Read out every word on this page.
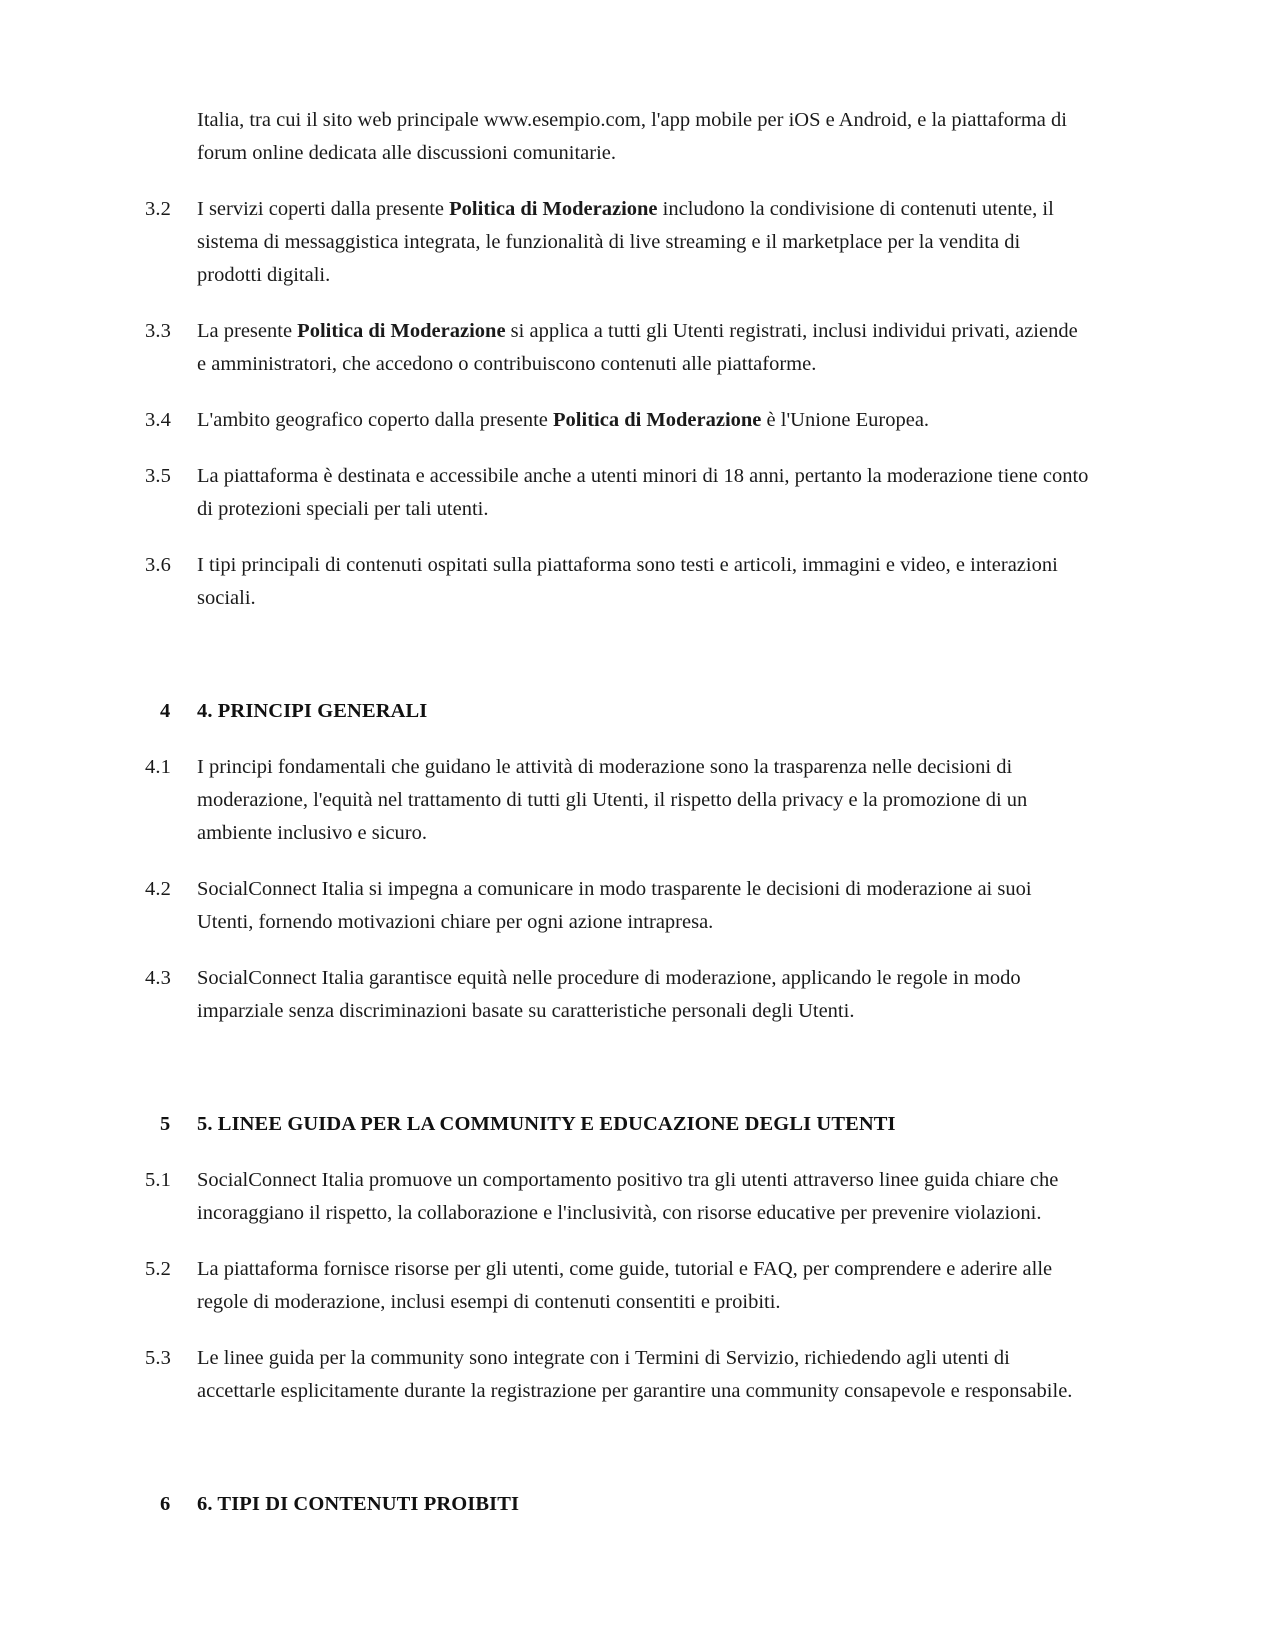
Italia, tra cui il sito web principale www.esempio.com, l'app mobile per iOS e Android, e la piattaforma di forum online dedicata alle discussioni comunitarie.
3.2	I servizi coperti dalla presente Politica di Moderazione includono la condivisione di contenuti utente, il sistema di messaggistica integrata, le funzionalità di live streaming e il marketplace per la vendita di prodotti digitali.
3.3	La presente Politica di Moderazione si applica a tutti gli Utenti registrati, inclusi individui privati, aziende e amministratori, che accedono o contribuiscono contenuti alle piattaforme.
3.4	L'ambito geografico coperto dalla presente Politica di Moderazione è l'Unione Europea.
3.5	La piattaforma è destinata e accessibile anche a utenti minori di 18 anni, pertanto la moderazione tiene conto di protezioni speciali per tali utenti.
3.6	I tipi principali di contenuti ospitati sulla piattaforma sono testi e articoli, immagini e video, e interazioni sociali.
4	4. PRINCIPI GENERALI
4.1	I principi fondamentali che guidano le attività di moderazione sono la trasparenza nelle decisioni di moderazione, l'equità nel trattamento di tutti gli Utenti, il rispetto della privacy e la promozione di un ambiente inclusivo e sicuro.
4.2	SocialConnect Italia si impegna a comunicare in modo trasparente le decisioni di moderazione ai suoi Utenti, fornendo motivazioni chiare per ogni azione intrapresa.
4.3	SocialConnect Italia garantisce equità nelle procedure di moderazione, applicando le regole in modo imparziale senza discriminazioni basate su caratteristiche personali degli Utenti.
5	5. LINEE GUIDA PER LA COMMUNITY E EDUCAZIONE DEGLI UTENTI
5.1	SocialConnect Italia promuove un comportamento positivo tra gli utenti attraverso linee guida chiare che incoraggiano il rispetto, la collaborazione e l'inclusività, con risorse educative per prevenire violazioni.
5.2	La piattaforma fornisce risorse per gli utenti, come guide, tutorial e FAQ, per comprendere e aderire alle regole di moderazione, inclusi esempi di contenuti consentiti e proibiti.
5.3	Le linee guida per la community sono integrate con i Termini di Servizio, richiedendo agli utenti di accettarle esplicitamente durante la registrazione per garantire una community consapevole e responsabile.
6	6. TIPI DI CONTENUTI PROIBITI
